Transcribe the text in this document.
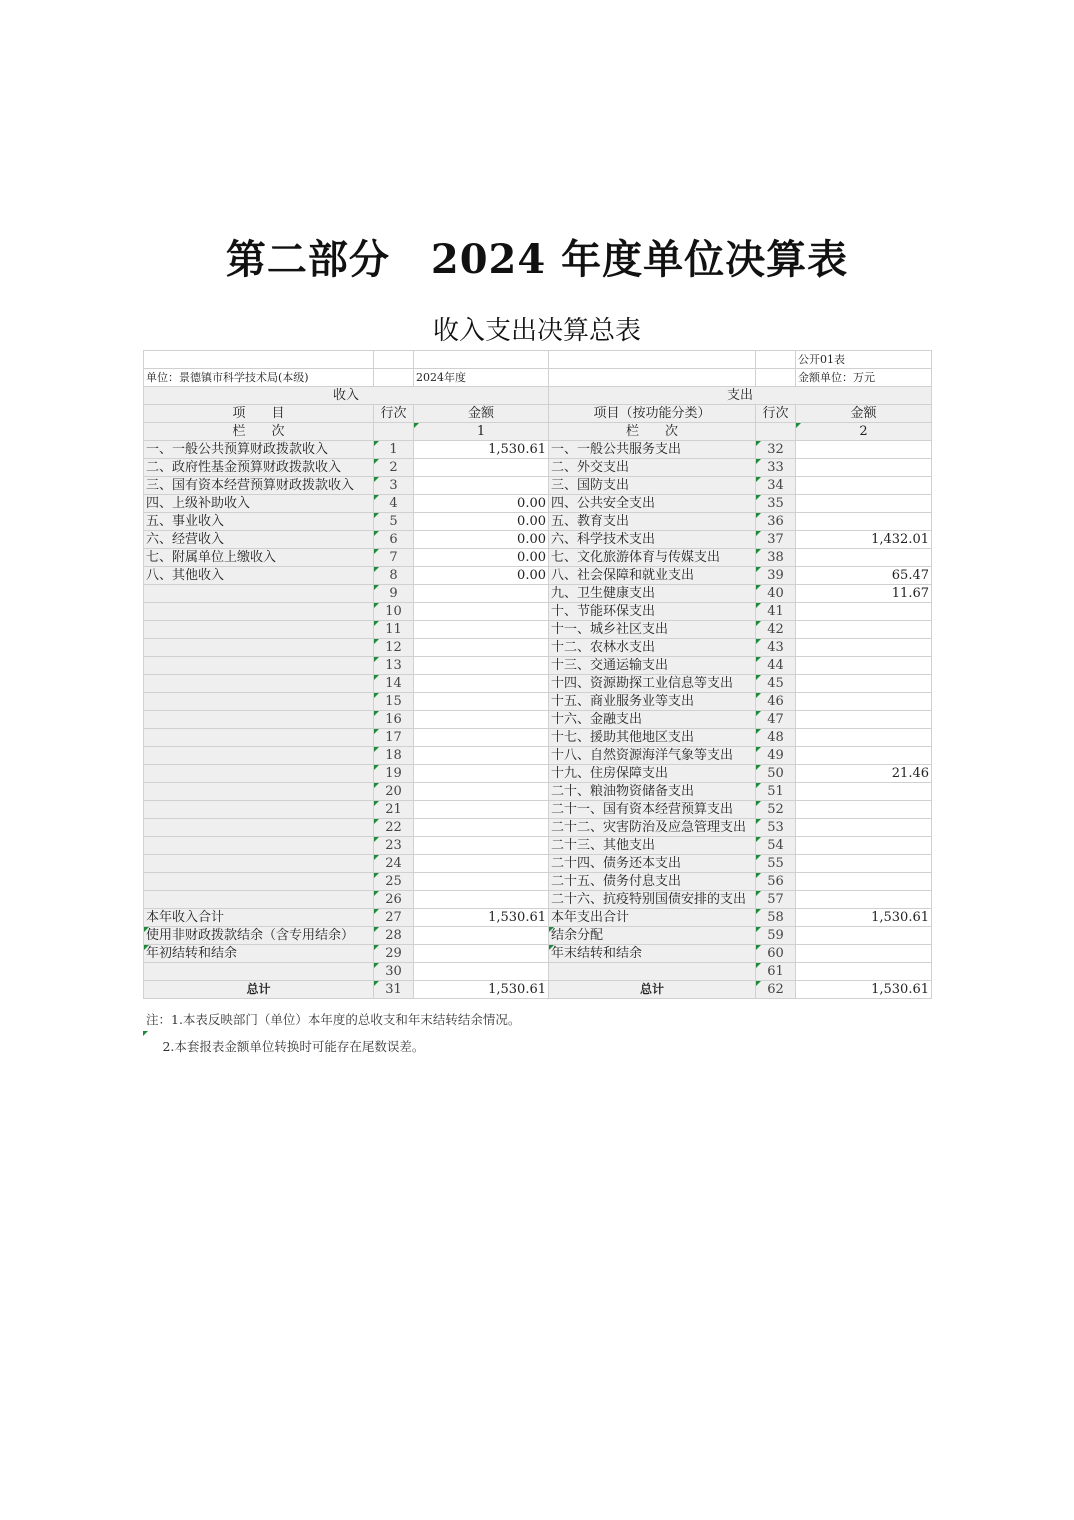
第二部分　2024 年度单位决算表
收入支出决算总表
					公开01表
单位：景德镇市科学技术局(本级)		2024年度			金额单位：万元
收入			支出		
项　　目	行次	金额	项目（按功能分类）	行次	金额
栏　　次		1	栏　　次		2
一、一般公共预算财政拨款收入	1	1,530.61	一、一般公共服务支出	32	
二、政府性基金预算财政拨款收入	2		二、外交支出	33	
三、国有资本经营预算财政拨款收入	3		三、国防支出	34	
四、上级补助收入	4	0.00	四、公共安全支出	35	
五、事业收入	5	0.00	五、教育支出	36	
六、经营收入	6	0.00	六、科学技术支出	37	1,432.01
七、附属单位上缴收入	7	0.00	七、文化旅游体育与传媒支出	38	
八、其他收入	8	0.00	八、社会保障和就业支出	39	65.47
	9		九、卫生健康支出	40	11.67
	10		十、节能环保支出	41	
	11		十一、城乡社区支出	42	
	12		十二、农林水支出	43	
	13		十三、交通运输支出	44	
	14		十四、资源勘探工业信息等支出	45	
	15		十五、商业服务业等支出	46	
	16		十六、金融支出	47	
	17		十七、援助其他地区支出	48	
	18		十八、自然资源海洋气象等支出	49	
	19		十九、住房保障支出	50	21.46
	20		二十、粮油物资储备支出	51	
	21		二十一、国有资本经营预算支出	52	
	22		二十二、灾害防治及应急管理支出	53	
	23		二十三、其他支出	54	
	24		二十四、债务还本支出	55	
	25		二十五、债务付息支出	56	
	26		二十六、抗疫特别国债安排的支出	57	
本年收入合计	27	1,530.61	本年支出合计	58	1,530.61
使用非财政拨款结余（含专用结余）	28		结余分配	59	
年初结转和结余	29		年末结转和结余	60	
	30			61	
总计	31	1,530.61	总计	62	1,530.61
注：1.本表反映部门（单位）本年度的总收支和年末结转结余情况。
　 2.本套报表金额单位转换时可能存在尾数误差。
